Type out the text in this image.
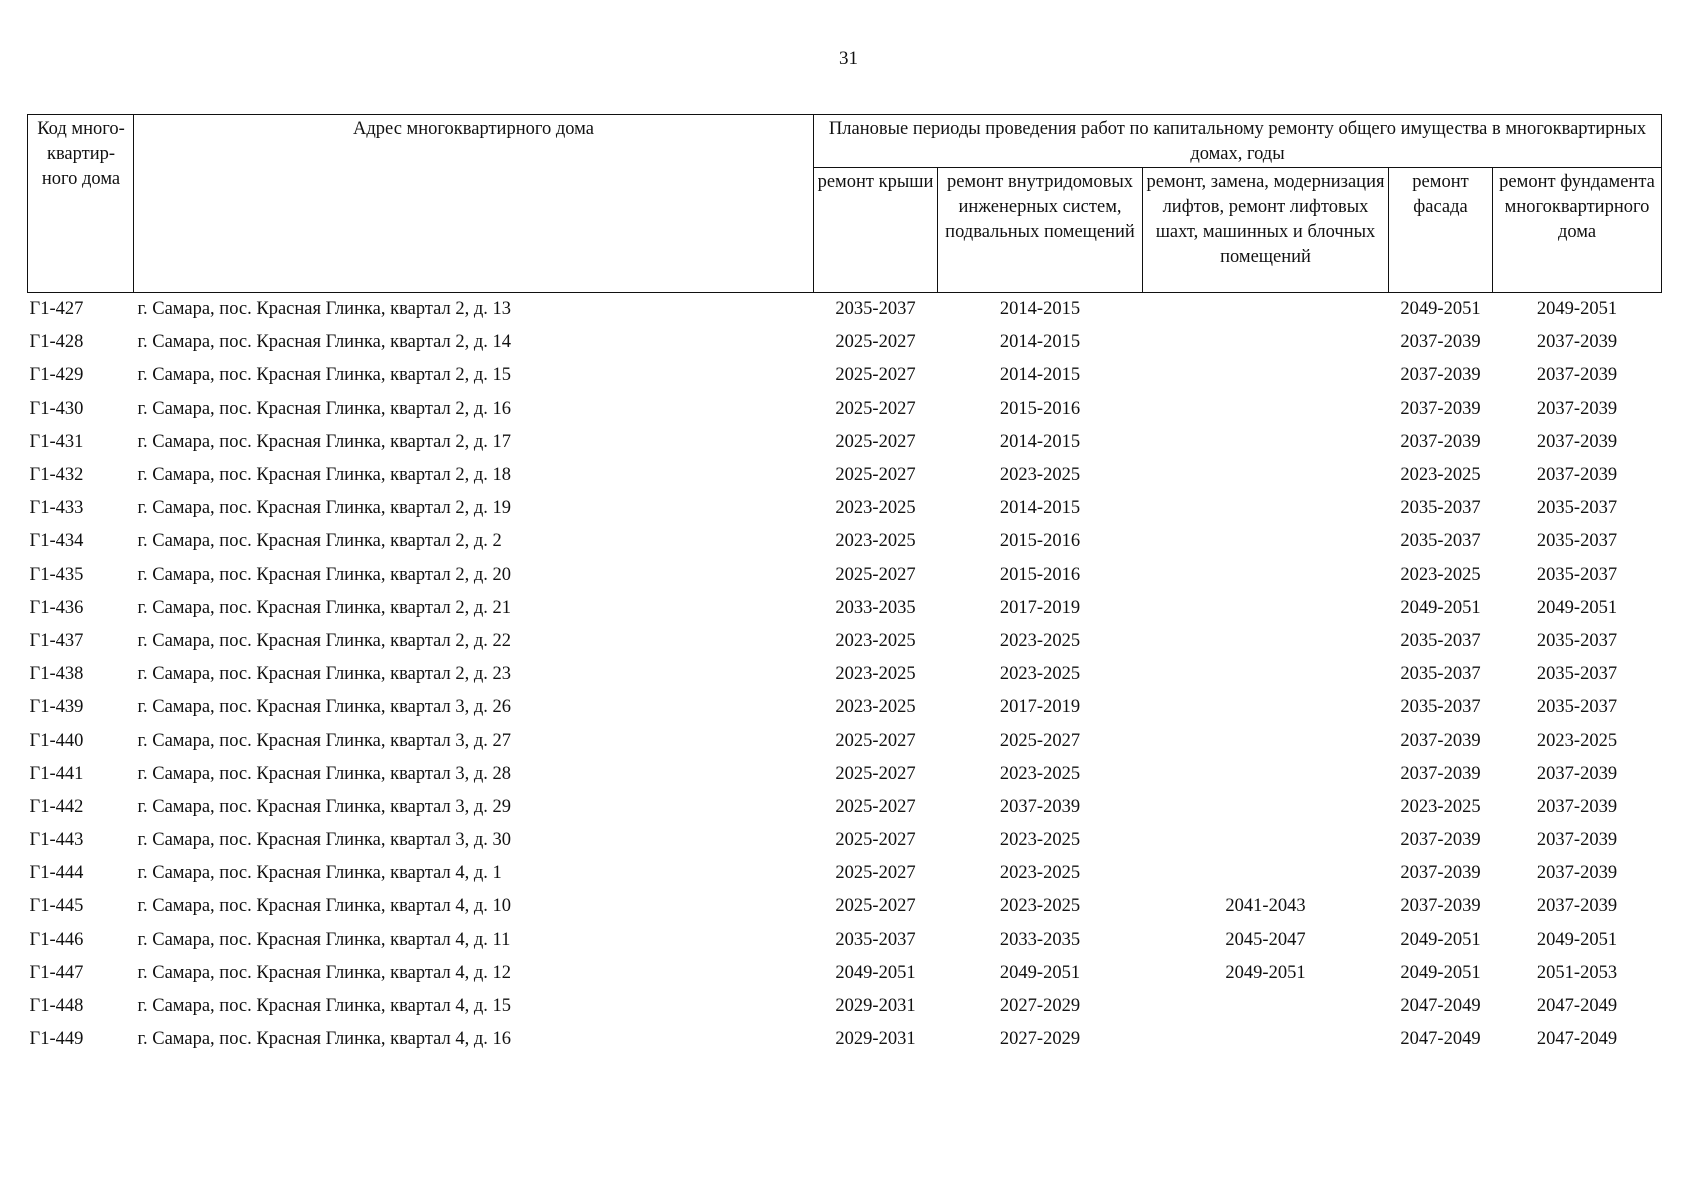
31
Код много-квартир-ного дома	Адрес многоквартирного дома	Плановые периоды проведения работ по капитальному ремонту общего имущества в многоквартирных домах, годы				
		ремонт крыши	ремонт внутридомовых инженерных систем, подвальных помещений	ремонт, замена, модернизация лифтов, ремонт лифтовых шахт, машинных и блочных помещений	ремонт фасада	ремонт фундамента многоквартирного дома
Г1-427	г. Самара, пос. Красная Глинка, квартал 2, д. 13	2035-2037	2014-2015		2049-2051	2049-2051
Г1-428	г. Самара, пос. Красная Глинка, квартал 2, д. 14	2025-2027	2014-2015		2037-2039	2037-2039
Г1-429	г. Самара, пос. Красная Глинка, квартал 2, д. 15	2025-2027	2014-2015		2037-2039	2037-2039
Г1-430	г. Самара, пос. Красная Глинка, квартал 2, д. 16	2025-2027	2015-2016		2037-2039	2037-2039
Г1-431	г. Самара, пос. Красная Глинка, квартал 2, д. 17	2025-2027	2014-2015		2037-2039	2037-2039
Г1-432	г. Самара, пос. Красная Глинка, квартал 2, д. 18	2025-2027	2023-2025		2023-2025	2037-2039
Г1-433	г. Самара, пос. Красная Глинка, квартал 2, д. 19	2023-2025	2014-2015		2035-2037	2035-2037
Г1-434	г. Самара, пос. Красная Глинка, квартал 2, д. 2	2023-2025	2015-2016		2035-2037	2035-2037
Г1-435	г. Самара, пос. Красная Глинка, квартал 2, д. 20	2025-2027	2015-2016		2023-2025	2035-2037
Г1-436	г. Самара, пос. Красная Глинка, квартал 2, д. 21	2033-2035	2017-2019		2049-2051	2049-2051
Г1-437	г. Самара, пос. Красная Глинка, квартал 2, д. 22	2023-2025	2023-2025		2035-2037	2035-2037
Г1-438	г. Самара, пос. Красная Глинка, квартал 2, д. 23	2023-2025	2023-2025		2035-2037	2035-2037
Г1-439	г. Самара, пос. Красная Глинка, квартал 3, д. 26	2023-2025	2017-2019		2035-2037	2035-2037
Г1-440	г. Самара, пос. Красная Глинка, квартал 3, д. 27	2025-2027	2025-2027		2037-2039	2023-2025
Г1-441	г. Самара, пос. Красная Глинка, квартал 3, д. 28	2025-2027	2023-2025		2037-2039	2037-2039
Г1-442	г. Самара, пос. Красная Глинка, квартал 3, д. 29	2025-2027	2037-2039		2023-2025	2037-2039
Г1-443	г. Самара, пос. Красная Глинка, квартал 3, д. 30	2025-2027	2023-2025		2037-2039	2037-2039
Г1-444	г. Самара, пос. Красная Глинка, квартал 4, д. 1	2025-2027	2023-2025		2037-2039	2037-2039
Г1-445	г. Самара, пос. Красная Глинка, квартал 4, д. 10	2025-2027	2023-2025	2041-2043	2037-2039	2037-2039
Г1-446	г. Самара, пос. Красная Глинка, квартал 4, д. 11	2035-2037	2033-2035	2045-2047	2049-2051	2049-2051
Г1-447	г. Самара, пос. Красная Глинка, квартал 4, д. 12	2049-2051	2049-2051	2049-2051	2049-2051	2051-2053
Г1-448	г. Самара, пос. Красная Глинка, квартал 4, д. 15	2029-2031	2027-2029		2047-2049	2047-2049
Г1-449	г. Самара, пос. Красная Глинка, квартал 4, д. 16	2029-2031	2027-2029		2047-2049	2047-2049
